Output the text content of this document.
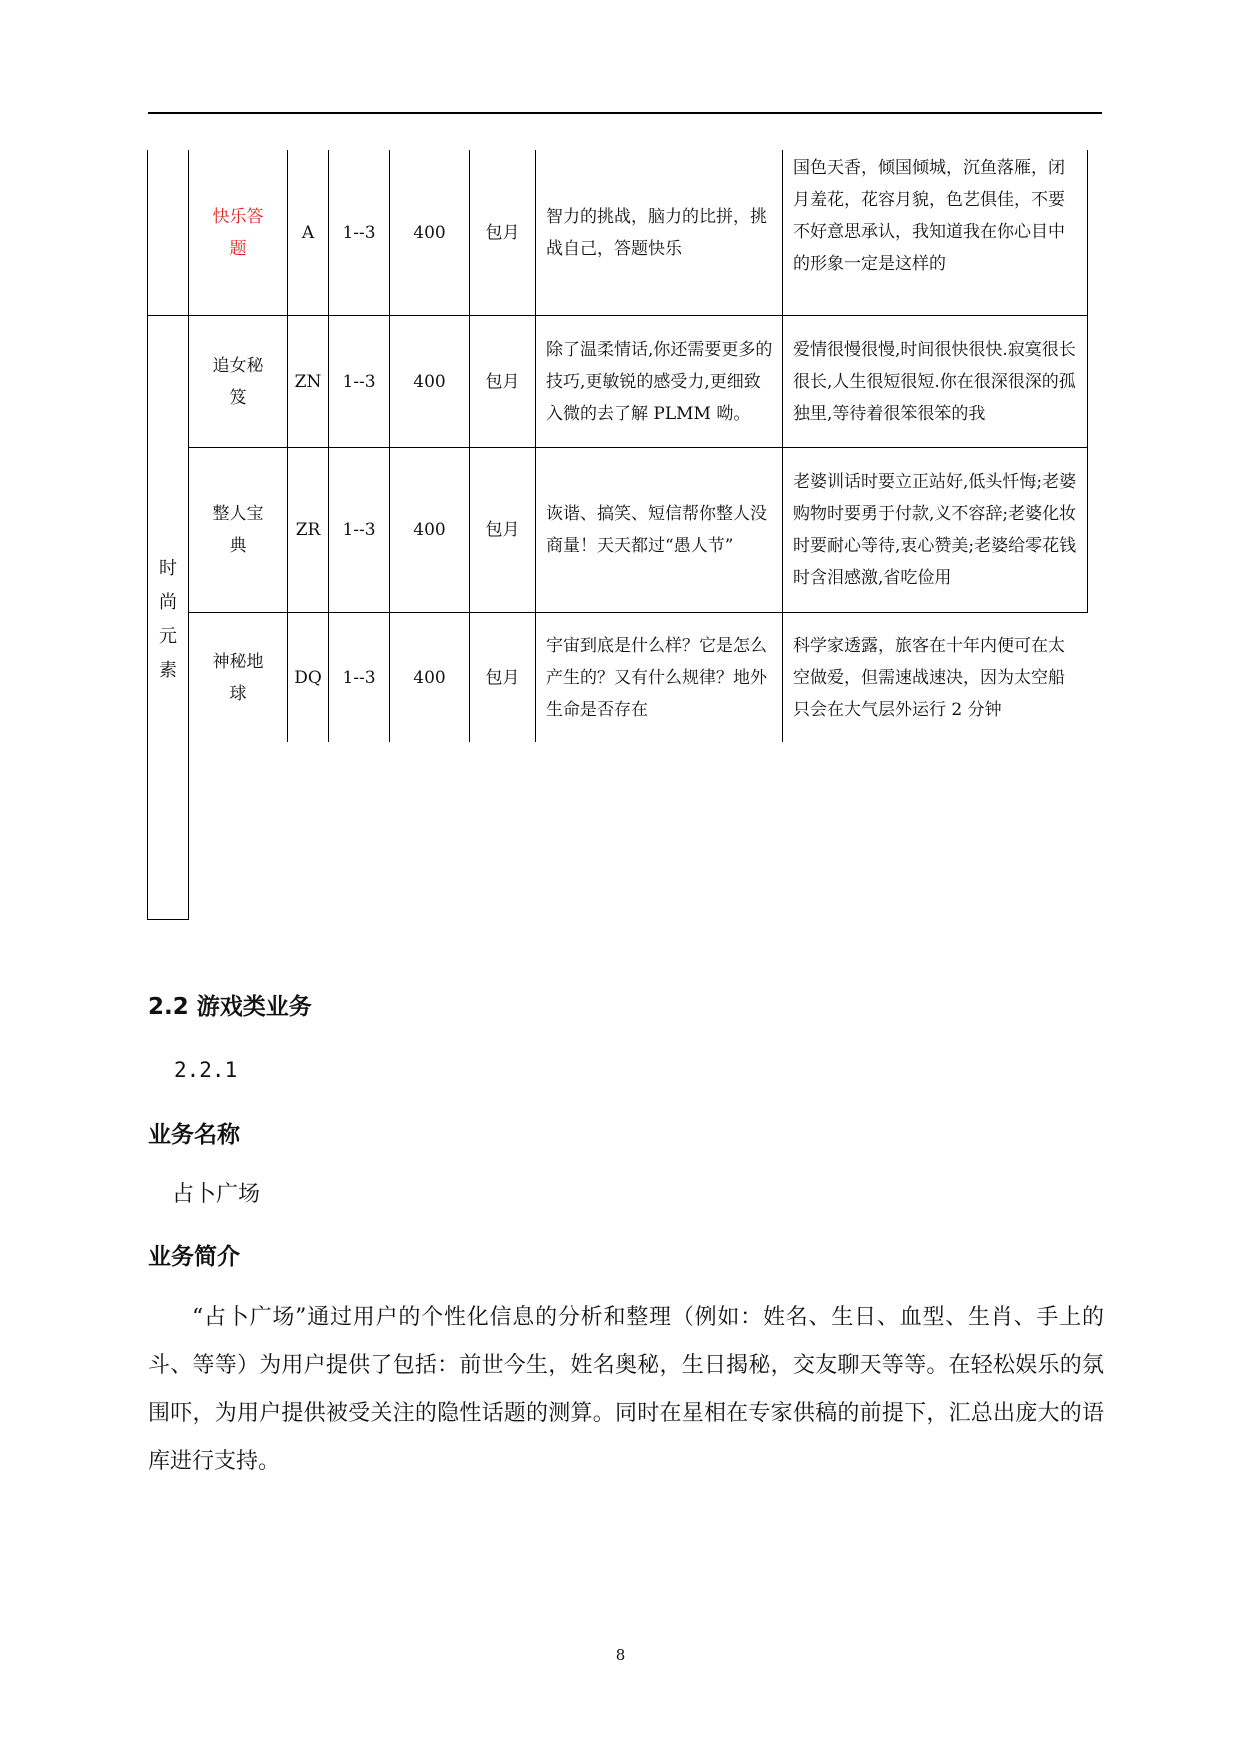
时尚元素
快乐答题
A 1--3 400 包月
智力的挑战，脑力的比拼，挑战自己，答题快乐
国色天香，倾国倾城，沉鱼落雁，闭月羞花，花容月貌，色艺俱佳，不要不好意思承认，我知道我在你心目中的形象一定是这样的
追女秘笈
ZN 1--3 400 包月
除了温柔情话,你还需要更多的技巧,更敏锐的感受力,更细致入微的去了解 PLMM 呦。
爱情很慢很慢,时间很快很快.寂寞很长很长,人生很短很短.你在很深很深的孤独里,等待着很笨很笨的我
整人宝典
ZR 1--3 400 包月
诙谐、搞笑、短信帮你整人没商量！天天都过“愚人节”
老婆训话时要立正站好,低头忏悔;老婆购物时要勇于付款,义不容辞;老婆化妆时要耐心等待,衷心赞美;老婆给零花钱时含泪感激,省吃俭用
神秘地球
DQ 1--3 400 包月
宇宙到底是什么样？它是怎么产生的？又有什么规律？地外生命是否存在
科学家透露，旅客在十年内便可在太空做爱，但需速战速决，因为太空船只会在大气层外运行 2 分钟
2.2 游戏类业务
2.2.1
业务名称
占卜广场
业务简介
“占卜广场”通过用户的个性化信息的分析和整理（例如：姓名、生日、血型、生肖、手上的斗、等等）为用户提供了包括：前世今生，姓名奥秘，生日揭秘，交友聊天等等。在轻松娱乐的氛围吓，为用户提供被受关注的隐性话题的测算。同时在星相在专家供稿的前提下，汇总出庞大的语库进行支持。
8
